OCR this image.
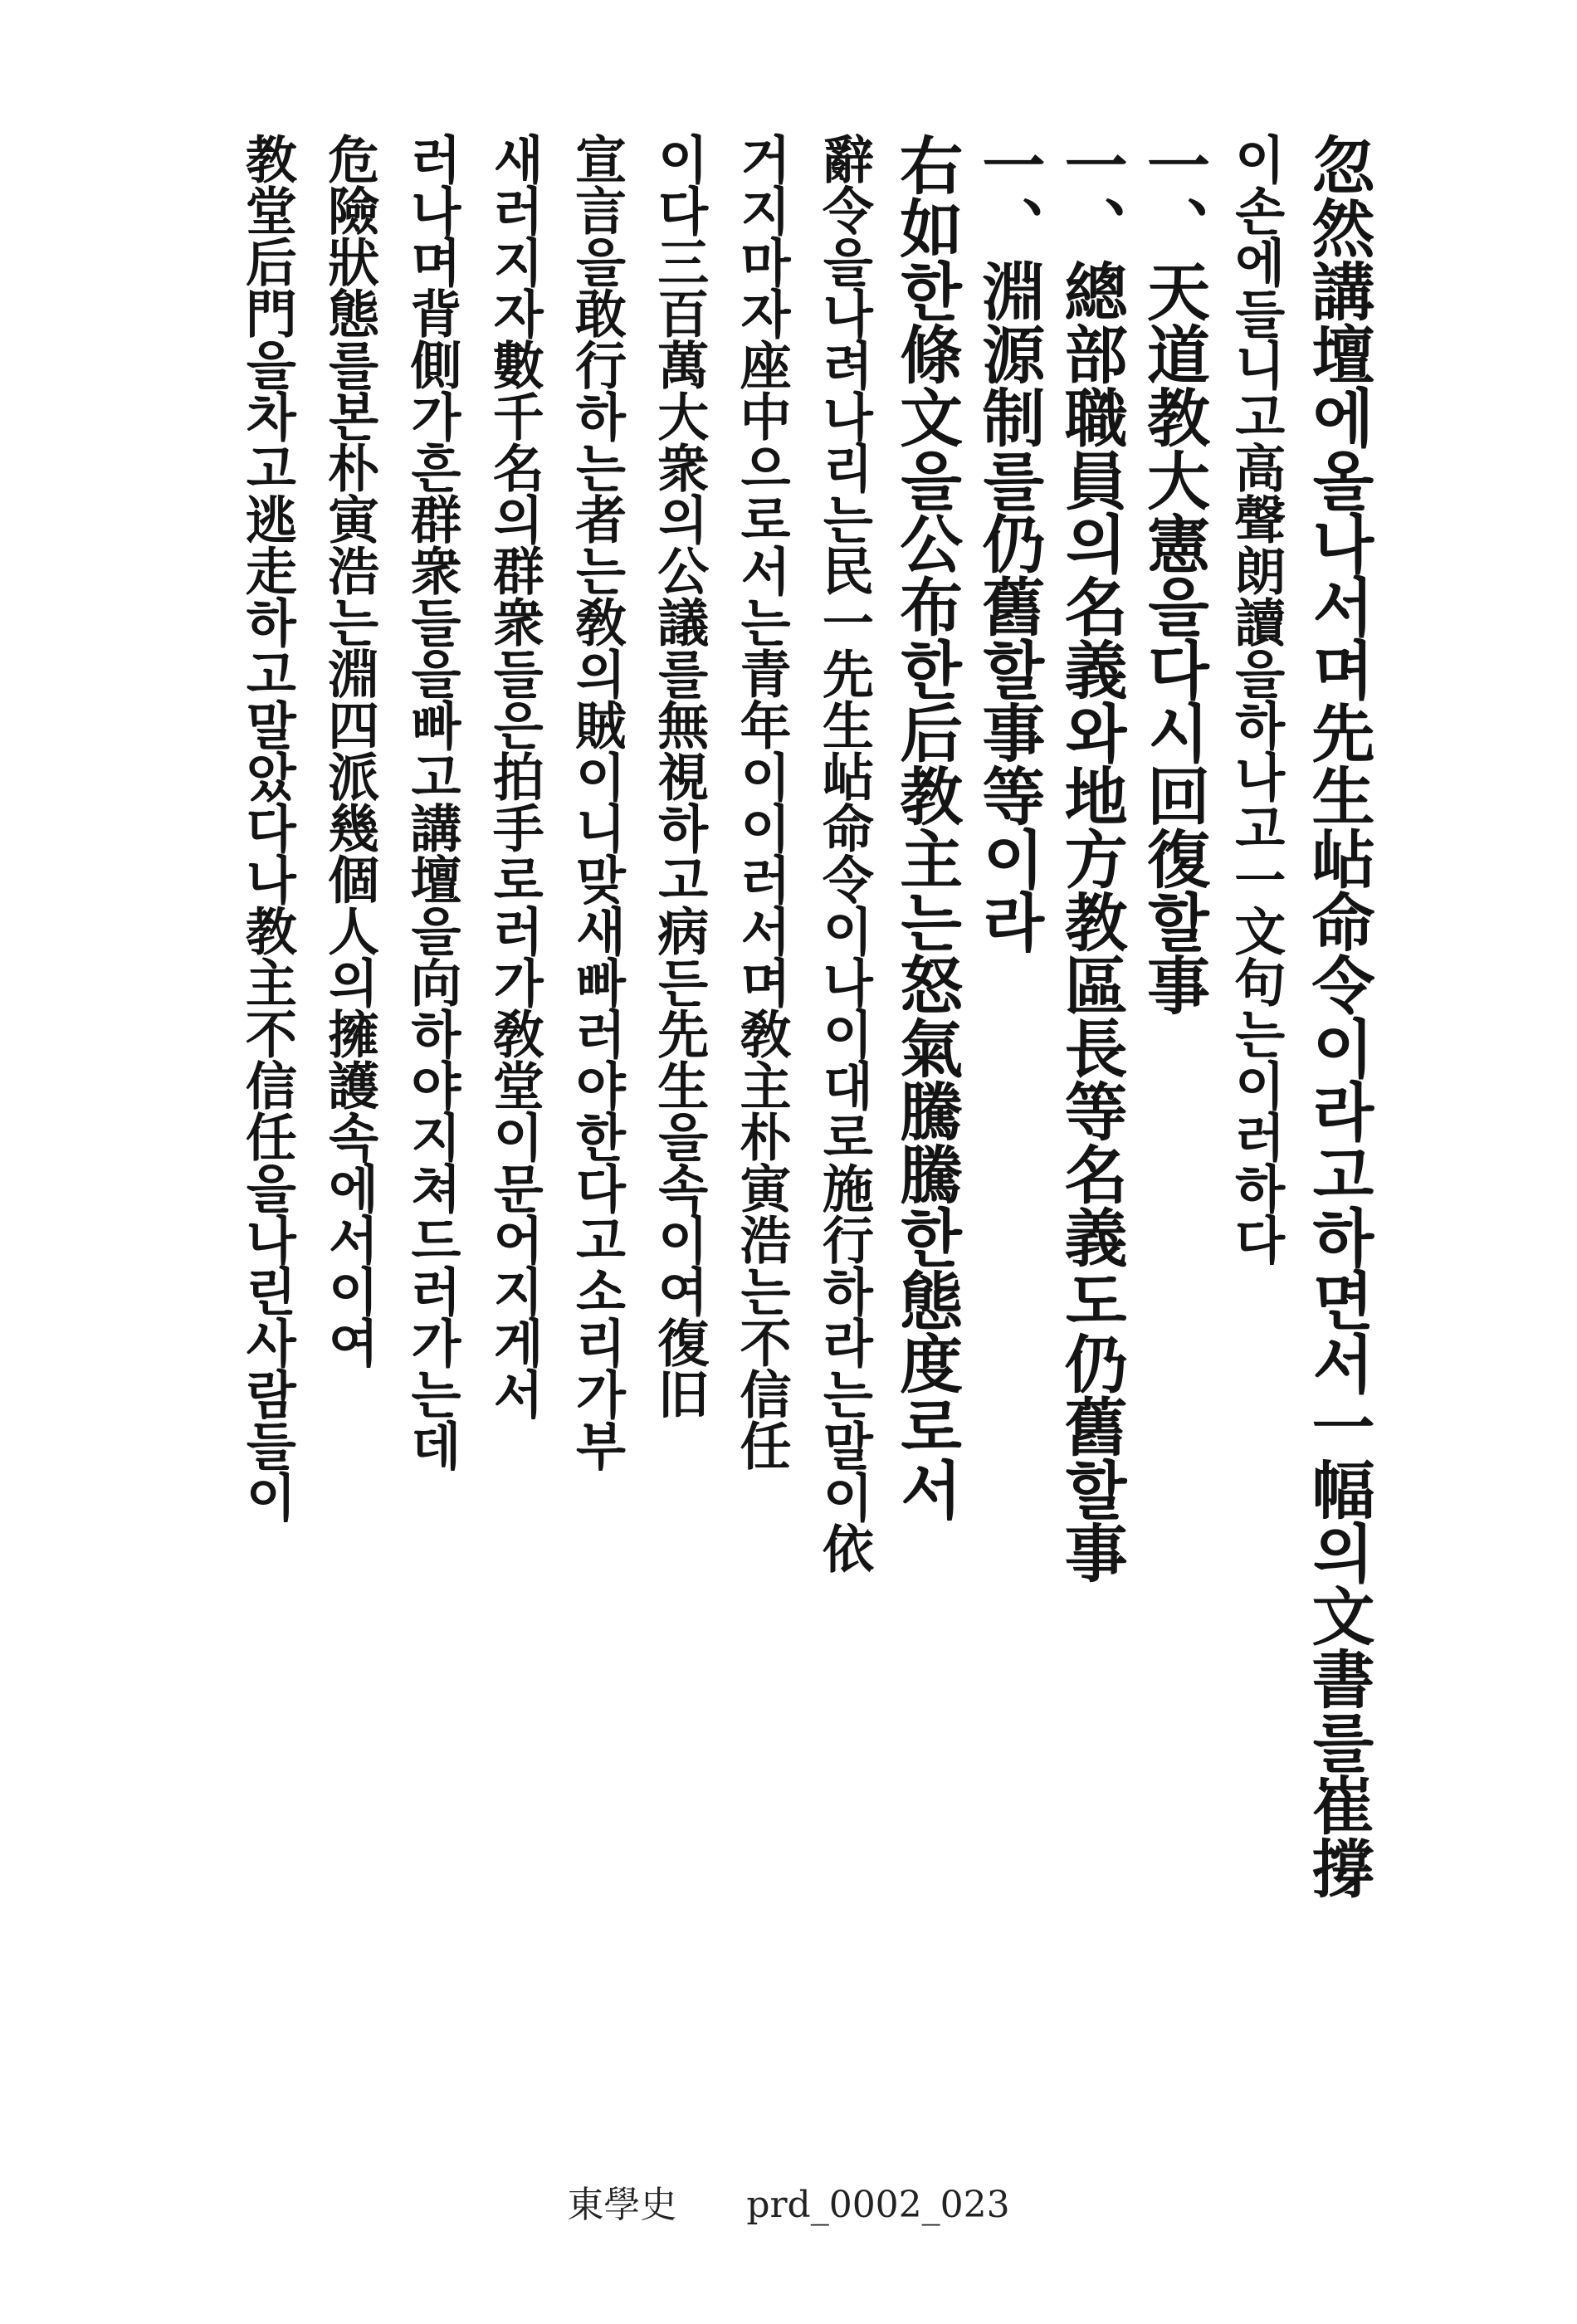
忽然講壇에올나서며先生岾命令이라고하면서一幅의文書를崔撐
이손에들니고高聲朗讀을하나고一文句는이러하다
一、天道教大憲을다시回復할事
一、總部職員의名義와地方教區長等名義도仍舊할事
一、淵源制를仍舊할事等이라
右如한條文을公布한后教主는怒氣騰騰한態度로서
辭令을나려나리는民一先生岾命令이나이대로施行하라는말이依
거지마자座中으로서는青年이이러서며敎主朴寅浩는不信任
이다三百萬大衆의公議를無視하고病든先生을속이여復旧
宣言을敢行하는者는敎의賊이니맞새빠러야한다고소리가부
새러지자數千名의群衆들은拍手로러가敎堂이문어지게서
러나며背側가흔群衆들을빠고講壇을向하야지쳐드러가는데
危險狀態를본朴寅浩는淵四派幾個人의擁護속에서이여
教堂后門을차고逃走하고말았다나教主不信任을나린사람들이
東學史 prd_0002_023
